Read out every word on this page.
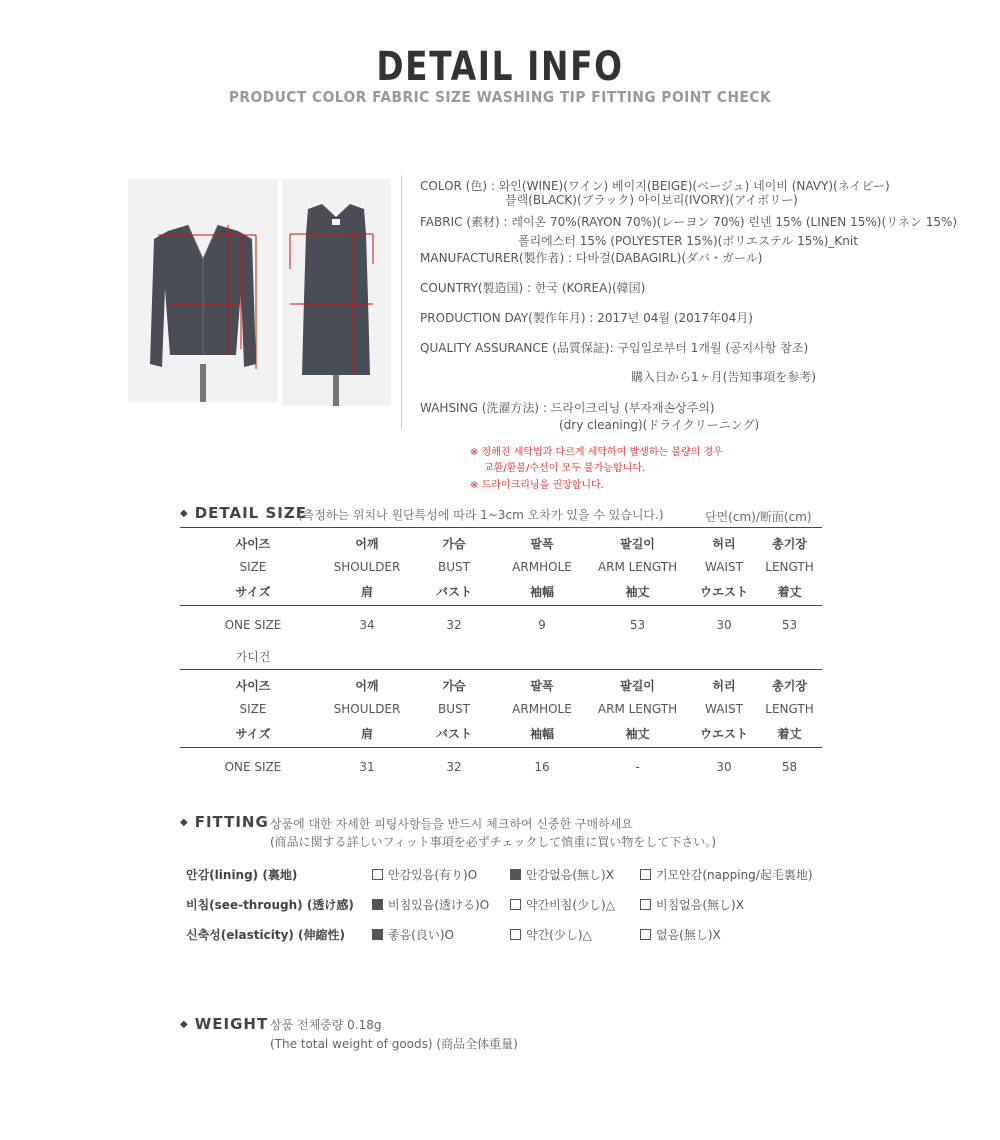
DETAIL INFO
PRODUCT COLOR FABRIC SIZE WASHING TIP FITTING POINT CHECK
COLOR (色) : 와인(WINE)(ワイン) 베이지(BEIGE)(ベージュ) 네이비 (NAVY)(ネイビー)
블랙(BLACK)(ブラック) 아이보리(IVORY)(アイボリー)
FABRIC (素材) : 레이온 70%(RAYON 70%)(レーヨン 70%) 린넨 15% (LINEN 15%)(リネン 15%)
폴리에스터 15% (POLYESTER 15%)(ポリエステル 15%)_Knit
MANUFACTURER(製作者) : 다바걸(DABAGIRL)(ダバ・ガール)
COUNTRY(製造国) : 한국 (KOREA)(韓国)
PRODUCTION DAY(製作年月) : 2017년 04월 (2017年04月)
QUALITY ASSURANCE (品質保証): 구입일로부터 1개월 (공지사항 참조)
購入日から1ヶ月(告知事項を参考)
WAHSING (洗濯方法) : 드라이크리닝 (부자재손상주의)
(dry cleaning)(ドライクリーニング)
※ 정해진 세탁법과 다르게 세탁하여 발생하는 불량의 경우
교환/환불/수선이 모두 불가능합니다.
※ 드라이크리닝을 권장합니다.
◆ DETAIL SIZE
(측정하는 위치나 원단특성에 따라 1~3cm 오차가 있을 수 있습니다.)	단면(cm)/断面(cm)
사이즈	어깨	가슴	팔폭	팔길이	허리	총기장
SIZE	SHOULDER	BUST	ARMHOLE	ARM LENGTH	WAIST	LENGTH
サイズ	肩	バスト	袖幅	袖丈	ウエスト	着丈
ONE SIZE	34	32	9	53	30	53
가디건
사이즈	어깨	가슴	팔폭	팔길이	허리	총기장
SIZE	SHOULDER	BUST	ARMHOLE	ARM LENGTH	WAIST	LENGTH
サイズ	肩	バスト	袖幅	袖丈	ウエスト	着丈
ONE SIZE	31	32	16	-	30	58
◆ FITTING 상품에 대한 자세한 피팅사항들을 반드시 체크하여 신중한 구매하세요
(商品に関する詳しいフィット事項を必ずチェックして慎重に買い物をして下さい。)
안감(lining) (裏地)	안감있음(有り)O	안감없음(無し)X	기모안감(napping/起毛裏地)
비침(see-through) (透け感)	비침있음(透ける)O	약간비침(少し)△	비침없음(無し)X
신축성(elasticity) (伸縮性)	좋음(良い)O	약간(少し)△	없음(無し)X
◆ WEIGHT 상품 전체중량 0.18g
(The total weight of goods) (商品全体重量)
